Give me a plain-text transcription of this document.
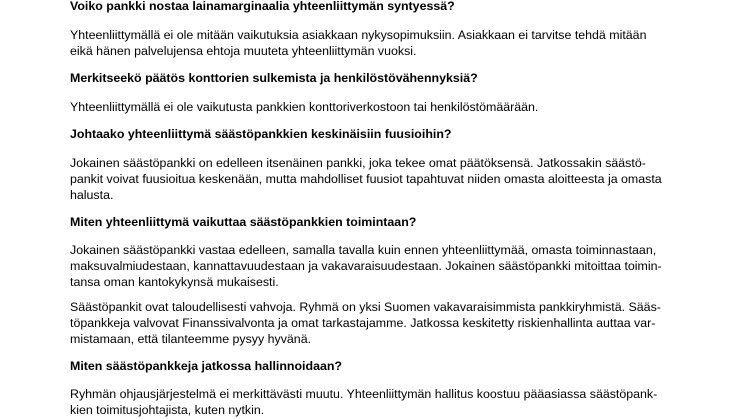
Voiko pankki nostaa lainamarginaalia yhteenliittymän syntyessä?
Yhteenliittymällä ei ole mitään vaikutuksia asiakkaan nykysopimuksiin. Asiakkaan ei tarvitse tehdä mitään
eikä hänen palvelujensa ehtoja muuteta yhteenliittymän vuoksi.
Merkitseekö päätös konttorien sulkemista ja henkilöstövähennyksiä?
Yhteenliittymällä ei ole vaikutusta pankkien konttoriverkostoon tai henkilöstömäärään.
Johtaako yhteenliittymä säästöpankkien keskinäisiin fuusioihin?
Jokainen säästöpankki on edelleen itsenäinen pankki, joka tekee omat päätöksensä. Jatkossakin säästö-
pankit voivat fuusioitua keskenään, mutta mahdolliset fuusiot tapahtuvat niiden omasta aloitteesta ja omasta
halusta.
Miten yhteenliittymä vaikuttaa säästöpankkien toimintaan?
Jokainen säästöpankki vastaa edelleen, samalla tavalla kuin ennen yhteenliittymää, omasta toiminnastaan,
maksuvalmiudestaan, kannattavuudestaan ja vakavaraisuudestaan. Jokainen säästöpankki mitoittaa toimin-
tansa oman kantokykynsä mukaisesti.
Säästöpankit ovat taloudellisesti vahvoja. Ryhmä on yksi Suomen vakavaraisimmista pankkiryhmistä. Sääs-
töpankkeja valvovat Finanssivalvonta ja omat tarkastajamme. Jatkossa keskitetty riskienhallinta auttaa var-
mistamaan, että tilanteemme pysyy hyvänä.
Miten säästöpankkeja jatkossa hallinnoidaan?
Ryhmän ohjausjärjestelmä ei merkittävästi muutu. Yhteenliittymän hallitus koostuu pääasiassa säästöpank-
kien toimitusjohtajista, kuten nytkin.
